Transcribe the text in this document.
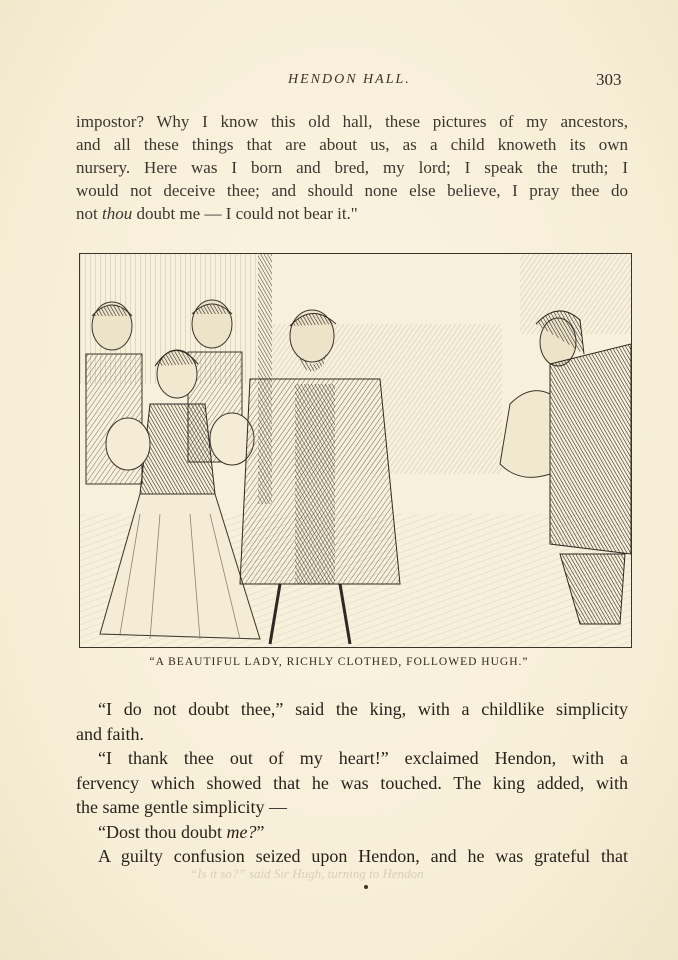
HENDON HALL.	303
impostor? Why I know this old hall, these pictures of my ancestors,
and all these things that are about us, as a child knoweth its own
nursery. Here was I born and bred, my lord; I speak the truth; I
would not deceive thee; and should none else believe, I pray thee do
not thou doubt me — I could not bear it."
“A BEAUTIFUL LADY, RICHLY CLOTHED, FOLLOWED HUGH.”
“I do not doubt thee,” said the king, with a childlike simplicity
and faith.
“I thank thee out of my heart!” exclaimed Hendon, with a
fervency which showed that he was touched. The king added, with
the same gentle simplicity —
“Dost thou doubt me?”
A guilty confusion seized upon Hendon, and he was grateful that
“Is it so?” said Sir Hugh, turning to Hendon
